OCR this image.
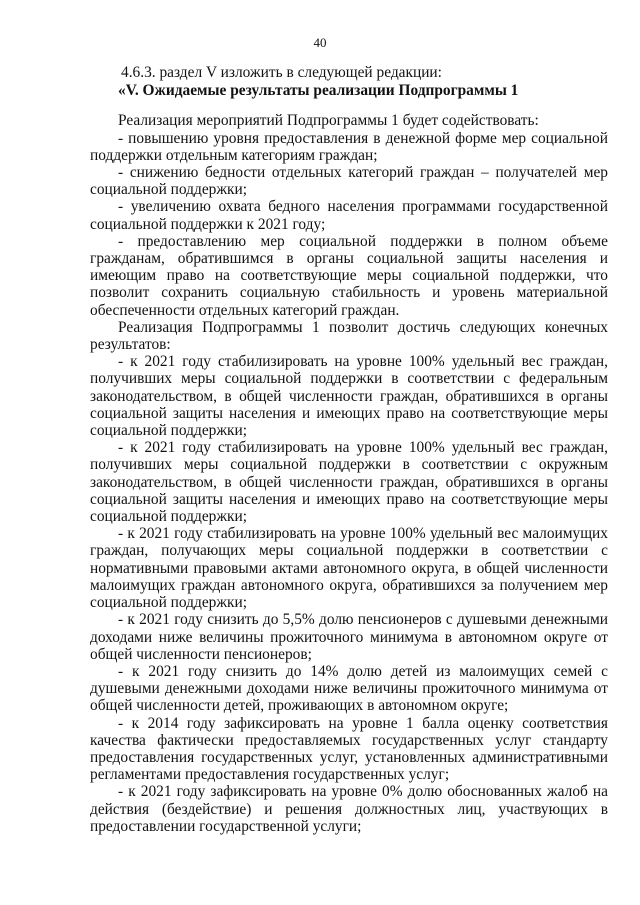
40

4.6.3. раздел V изложить в следующей редакции:

«V. Ожидаемые результаты реализации Подпрограммы 1

Реализация мероприятий Подпрограммы 1 будет содействовать:

- повышению уровня предоставления в денежной форме мер социальной поддержки отдельным категориям граждан;

- снижению бедности отдельных категорий граждан – получателей мер социальной поддержки;

- увеличению охвата бедного населения программами государственной социальной поддержки к 2021 году;

- предоставлению мер социальной поддержки в полном объеме гражданам, обратившимся в органы социальной защиты населения и имеющим право на соответствующие меры социальной поддержки, что позволит сохранить социальную стабильность и уровень материальной обеспеченности отдельных категорий граждан.

Реализация Подпрограммы 1 позволит достичь следующих конечных результатов:

- к 2021 году стабилизировать на уровне 100% удельный вес граждан, получивших меры социальной поддержки в соответствии с федеральным законодательством, в общей численности граждан, обратившихся в органы социальной защиты населения и имеющих право на соответствующие меры социальной поддержки;

- к 2021 году стабилизировать на уровне 100% удельный вес граждан, получивших меры социальной поддержки в соответствии с окружным законодательством, в общей численности граждан, обратившихся в органы социальной защиты населения и имеющих право на соответствующие меры социальной поддержки;

- к 2021 году стабилизировать на уровне 100% удельный вес малоимущих граждан, получающих меры социальной поддержки в соответствии с нормативными правовыми актами автономного округа, в общей численности малоимущих граждан автономного округа, обратившихся за получением мер социальной поддержки;

- к 2021 году снизить до 5,5% долю пенсионеров с душевыми денежными доходами ниже величины прожиточного минимума в автономном округе от общей численности пенсионеров;

- к 2021 году снизить до 14% долю детей из малоимущих семей с душевыми денежными доходами ниже величины прожиточного минимума от общей численности детей, проживающих в автономном округе;

- к 2014 году зафиксировать на уровне 1 балла оценку соответствия качества фактически предоставляемых государственных услуг стандарту предоставления государственных услуг, установленных административными регламентами предоставления государственных услуг;

- к 2021 году зафиксировать на уровне 0% долю обоснованных жалоб на действия (бездействие) и решения должностных лиц, участвующих в предоставлении государственной услуги;
